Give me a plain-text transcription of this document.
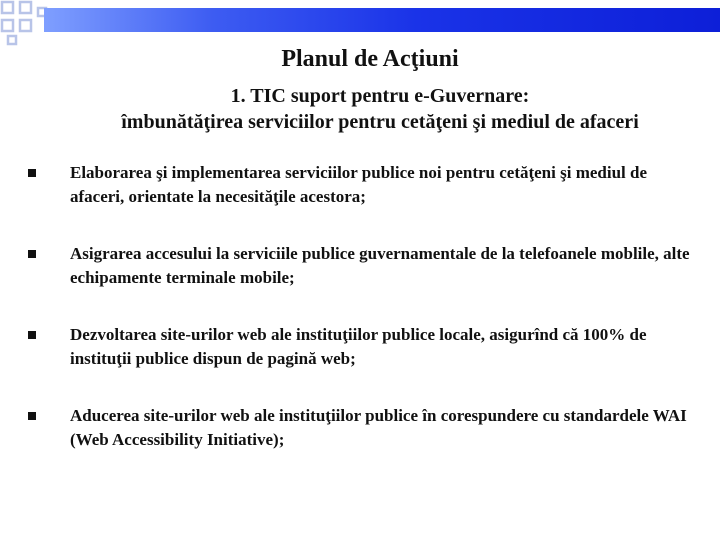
Planul de Acţiuni
1. TIC suport pentru e-Guvernare:
îmbunătăţirea serviciilor pentru cetăţeni şi mediul de afaceri
Elaborarea şi implementarea serviciilor publice noi pentru cetăţeni şi mediul de afaceri, orientate la necesităţile acestora;
Asigrarea accesului la serviciile publice guvernamentale de la telefoanele moblile, alte echipamente terminale mobile;
Dezvoltarea site-urilor web ale instituţiilor publice locale, asigurînd că 100% de instituţii publice dispun de pagină web;
Aducerea site-urilor web ale instituţiilor publice în corespundere cu standardele WAI (Web Accessibility Initiative);
